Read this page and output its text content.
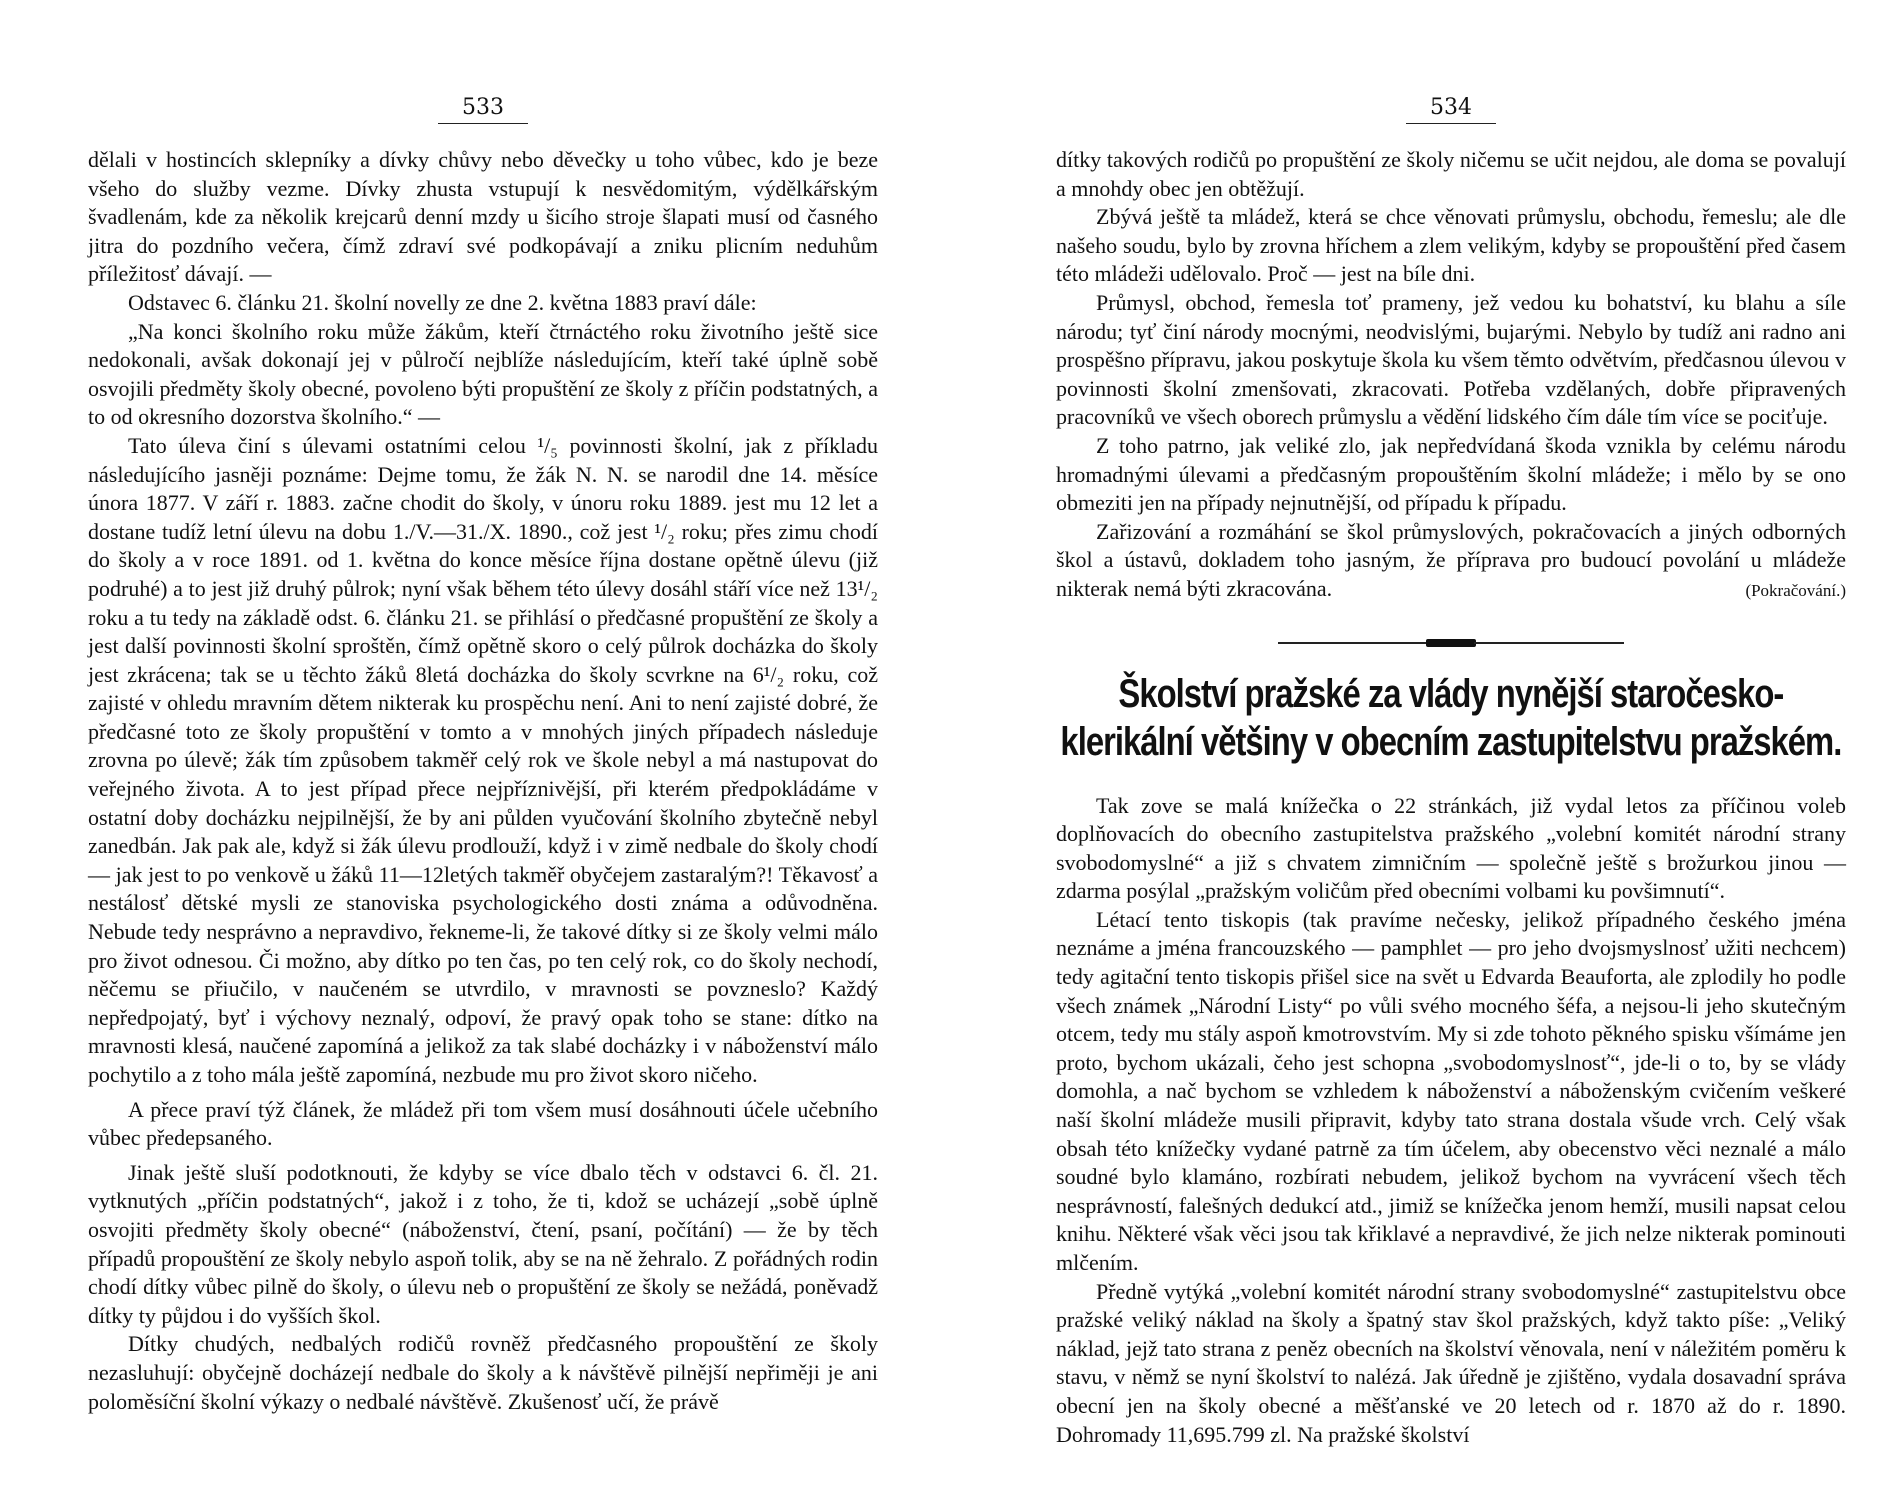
533

dělali v hostincích sklepníky a dívky chůvy nebo děvečky u toho vůbec, kdo je beze všeho do služby vezme. Dívky zhusta vstupují k nesvědomitým, výdělkářským švadlenám, kde za několik krejcarů denní mzdy u šicího stroje šlapati musí od časného jitra do pozdního večera, čímž zdraví své podkopávají a zniku plicním neduhům příležitosť dávají. —

Odstavec 6. článku 21. školní novelly ze dne 2. května 1883 praví dále:

„Na konci školního roku může žákům, kteří čtrnáctého roku životního ještě sice nedokonali, avšak dokonají jej v půlročí nejblíže následujícím, kteří také úplně sobě osvojili předměty školy obecné, povoleno býti propuštění ze školy z příčin podstatných, a to od okresního dozorstva školního.“ —

Tato úleva činí s úlevami ostatními celou ¹/₅ povinnosti školní, jak z příkladu následujícího jasněji poznáme: Dejme tomu, že žák N. N. se narodil dne 14. měsíce února 1877. V září r. 1883. začne chodit do školy, v únoru roku 1889. jest mu 12 let a dostane tudíž letní úlevu na dobu 1./V.—31./X. 1890., což jest ¹/₂ roku; přes zimu chodí do školy a v roce 1891. od 1. května do konce měsíce října dostane opětně úlevu (již podruhé) a to jest již druhý půlrok; nyní však během této úlevy dosáhl stáří více než 13¹/₂ roku a tu tedy na základě odst. 6. článku 21. se přihlásí o předčasné propuštění ze školy a jest další povinnosti školní sproštěn, čímž opětně skoro o celý půlrok docházka do školy jest zkrácena; tak se u těchto žáků 8letá docházka do školy scvrkne na 6¹/₂ roku, což zajisté v ohledu mravním dětem nikterak ku prospěchu není. Ani to není zajisté dobré, že předčasné toto ze školy propuštění v tomto a v mnohých jiných případech následuje zrovna po úlevě; žák tím způsobem takměř celý rok ve škole nebyl a má nastupovat do veřejného života. A to jest případ přece nejpříznivější, při kterém předpokládáme v ostatní doby docházku nejpilnější, že by ani půlden vyučování školního zbytečně nebyl zanedbán. Jak pak ale, když si žák úlevu prodlouží, když i v zimě nedbale do školy chodí — jak jest to po venkově u žáků 11—12letých takměř obyčejem zastaralým?! Těkavosť a nestálosť dětské mysli ze stanoviska psychologického dosti známa a odůvodněna. Nebude tedy nesprávno a nepravdivo, řekneme-li, že takové dítky si ze školy velmi málo pro život odnesou. Či možno, aby dítko po ten čas, po ten celý rok, co do školy nechodí, něčemu se přiučilo, v naučeném se utvrdilo, v mravnosti se povzneslo? Každý nepředpojatý, byť i výchovy neznalý, odpoví, že pravý opak toho se stane: dítko na mravnosti klesá, naučené zapomíná a jelikož za tak slabé docházky i v náboženství málo pochytilo a z toho mála ještě zapomíná, nezbude mu pro život skoro ničeho.

A přece praví týž článek, že mládež při tom všem musí dosáhnouti účele učebního vůbec předepsaného.

Jinak ještě sluší podotknouti, že kdyby se více dbalo těch v odstavci 6. čl. 21. vytknutých „příčin podstatných“, jakož i z toho, že ti, kdož se ucházejí „sobě úplně osvojiti předměty školy obecné“ (náboženství, čtení, psaní, počítání) — že by těch případů propouštění ze školy nebylo aspoň tolik, aby se na ně žehralo. Z pořádných rodin chodí dítky vůbec pilně do školy, o úlevu neb o propuštění ze školy se nežádá, poněvadž dítky ty půjdou i do vyšších škol.

Dítky chudých, nedbalých rodičů rovněž předčasného propouštění ze školy nezasluhují: obyčejně docházejí nedbale do školy a k návštěvě pilnější nepřiměji je ani poloměsíční školní výkazy o nedbalé návštěvě. Zkušenosť učí, že právě

534

dítky takových rodičů po propuštění ze školy ničemu se učit nejdou, ale doma se povalují a mnohdy obec jen obtěžují.

Zbývá ještě ta mládež, která se chce věnovati průmyslu, obchodu, řemeslu; ale dle našeho soudu, bylo by zrovna hříchem a zlem velikým, kdyby se propouštění před časem této mládeži udělovalo. Proč — jest na bíle dni.

Průmysl, obchod, řemesla toť prameny, jež vedou ku bohatství, ku blahu a síle národu; tyť činí národy mocnými, neodvislými, bujarými. Nebylo by tudíž ani radno ani prospěšno přípravu, jakou poskytuje škola ku všem těmto odvětvím, předčasnou úlevou v povinnosti školní zmenšovati, zkracovati. Potřeba vzdělaných, dobře připravených pracovníků ve všech oborech průmyslu a vědění lidského čím dále tím více se pociťuje.

Z toho patrno, jak veliké zlo, jak nepředvídaná škoda vznikla by celému národu hromadnými úlevami a předčasným propouštěním školní mládeže; i mělo by se ono obmeziti jen na případy nejnutnější, od případu k případu.

Zařizování a rozmáhání se škol průmyslových, pokračovacích a jiných odborných škol a ústavů, dokladem toho jasným, že příprava pro budoucí povolání u mládeže nikterak nemá býti zkracována.	(Pokračování.)

Školství pražské za vlády nynější staročesko-klerikální většiny v obecním zastupitelstvu pražském.

Tak zove se malá knížečka o 22 stránkách, již vydal letos za příčinou voleb doplňovacích do obecního zastupitelstva pražského „volební komitét národní strany svobodomyslné“ a již s chvatem zimničním — společně ještě s brožurkou jinou — zdarma posýlal „pražským voličům před obecními volbami ku povšimnutí“.

Létací tento tiskopis (tak pravíme nečesky, jelikož případného českého jména neznáme a jména francouzského — pamphlet — pro jeho dvojsmyslnosť užiti nechcem) tedy agitační tento tiskopis přišel sice na svět u Edvarda Beauforta, ale zplodily ho podle všech známek „Národní Listy“ po vůli svého mocného šéfa, a nejsou-li jeho skutečným otcem, tedy mu stály aspoň kmotrovstvím. My si zde tohoto pěkného spisku všímáme jen proto, bychom ukázali, čeho jest schopna „svobodomyslnosť“, jde-li o to, by se vlády domohla, a nač bychom se vzhledem k náboženství a náboženským cvičením veškeré naší školní mládeže musili připravit, kdyby tato strana dostala všude vrch. Celý však obsah této knížečky vydané patrně za tím účelem, aby obecenstvo věci neznalé a málo soudné bylo klamáno, rozbírati nebudem, jelikož bychom na vyvrácení všech těch nesprávností, falešných dedukcí atd., jimiž se knížečka jenom hemží, musili napsat celou knihu. Některé však věci jsou tak křiklavé a nepravdivé, že jich nelze nikterak pominouti mlčením.

Předně vytýká „volební komitét národní strany svobodomyslné“ zastupitelstvu obce pražské veliký náklad na školy a špatný stav škol pražských, když takto píše: „Veliký náklad, jejž tato strana z peněz obecních na školství věnovala, není v náležitém poměru k stavu, v němž se nyní školství to nalézá. Jak úředně je zjištěno, vydala dosavadní správa obecní jen na školy obecné a měšťanské ve 20 letech od r. 1870 až do r. 1890. Dohromady 11,695.799 zl. Na pražské školství
